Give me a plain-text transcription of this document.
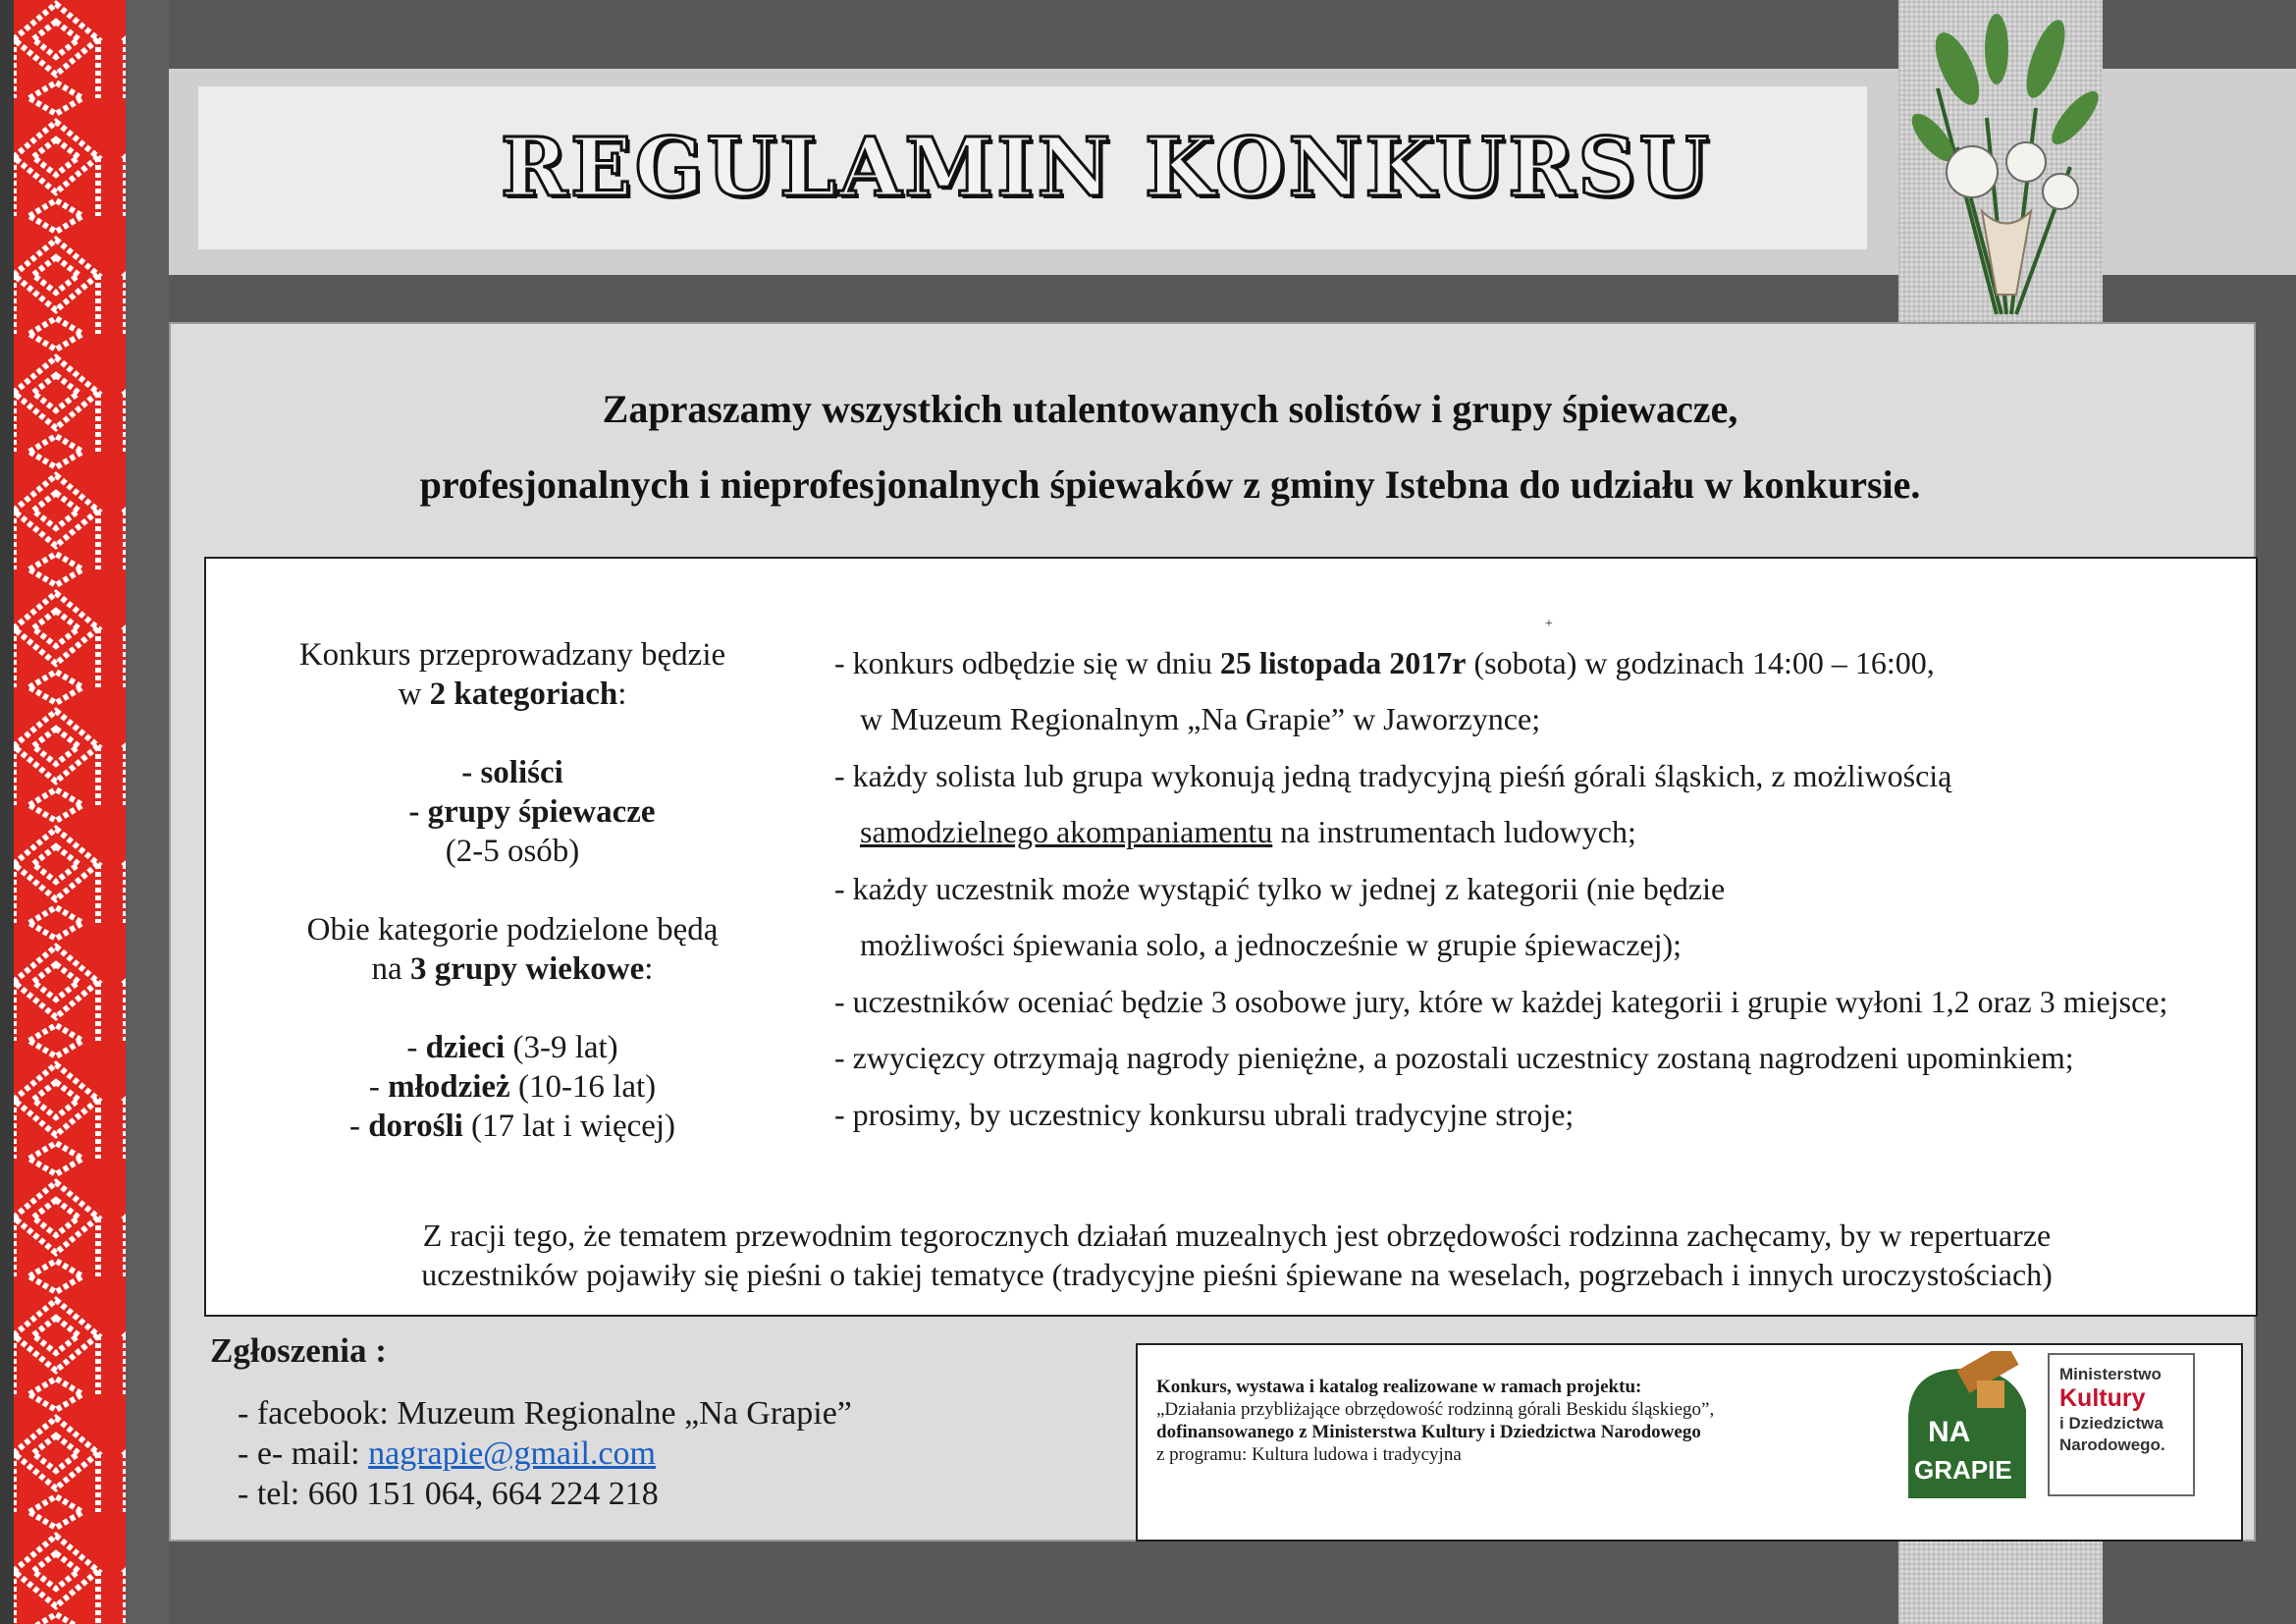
REGULAMIN KONKURSU

Zapraszamy wszystkich utalentowanych solistów i grupy śpiewacze,

profesjonalnych i nieprofesjonalnych śpiewaków z gminy Istebna do udziału w konkursie.

+
Konkurs przeprowadzany będzie
w 2 kategoriach:
- soliści
- grupy śpiewacze
(2-5 osób)
Obie kategorie podzielone będą
na 3 grupy wiekowe:
- dzieci (3-9 lat)
- młodzież (10-16 lat)
- dorośli (17 lat i więcej)
- konkurs odbędzie się w dniu 25 listopada 2017r (sobota) w godzinach 14:00 – 16:00,
w Muzeum Regionalnym „Na Grapie” w Jaworzynce;
- każdy solista lub grupa wykonują jedną tradycyjną pieśń górali śląskich, z możliwością
samodzielnego akompaniamentu na instrumentach ludowych;
- każdy uczestnik może wystąpić tylko w jednej z kategorii (nie będzie
możliwości śpiewania solo, a jednocześnie w grupie śpiewaczej);
- uczestników oceniać będzie 3 osobowe jury, które w każdej kategorii i grupie wyłoni 1,2 oraz 3 miejsce;
- zwycięzcy otrzymają nagrody pieniężne, a pozostali uczestnicy zostaną nagrodzeni upominkiem;
- prosimy, by uczestnicy konkursu ubrali tradycyjne stroje;
Z racji tego, że tematem przewodnim tegorocznych działań muzealnych jest obrzędowości rodzinna zachęcamy, by w repertuarze
uczestników pojawiły się pieśni o takiej tematyce (tradycyjne pieśni śpiewane na weselach, pogrzebach i innych uroczystościach)
Zgłoszenia :
- facebook: Muzeum Regionalne „Na Grapie”
- e- mail: nagrapie@gmail.com
- tel: 660 151 064, 664 224 218
Konkurs, wystawa i katalog realizowane w ramach projektu:
„Działania przybliżające obrzędowość rodzinną górali Beskidu śląskiego”,
dofinansowanego z Ministerstwa Kultury i Dziedzictwa Narodowego
z programu: Kultura ludowa i tradycyjna
NA
GRAPIE
Ministerstwo
Kultury
i Dziedzictwa
Narodowego.
